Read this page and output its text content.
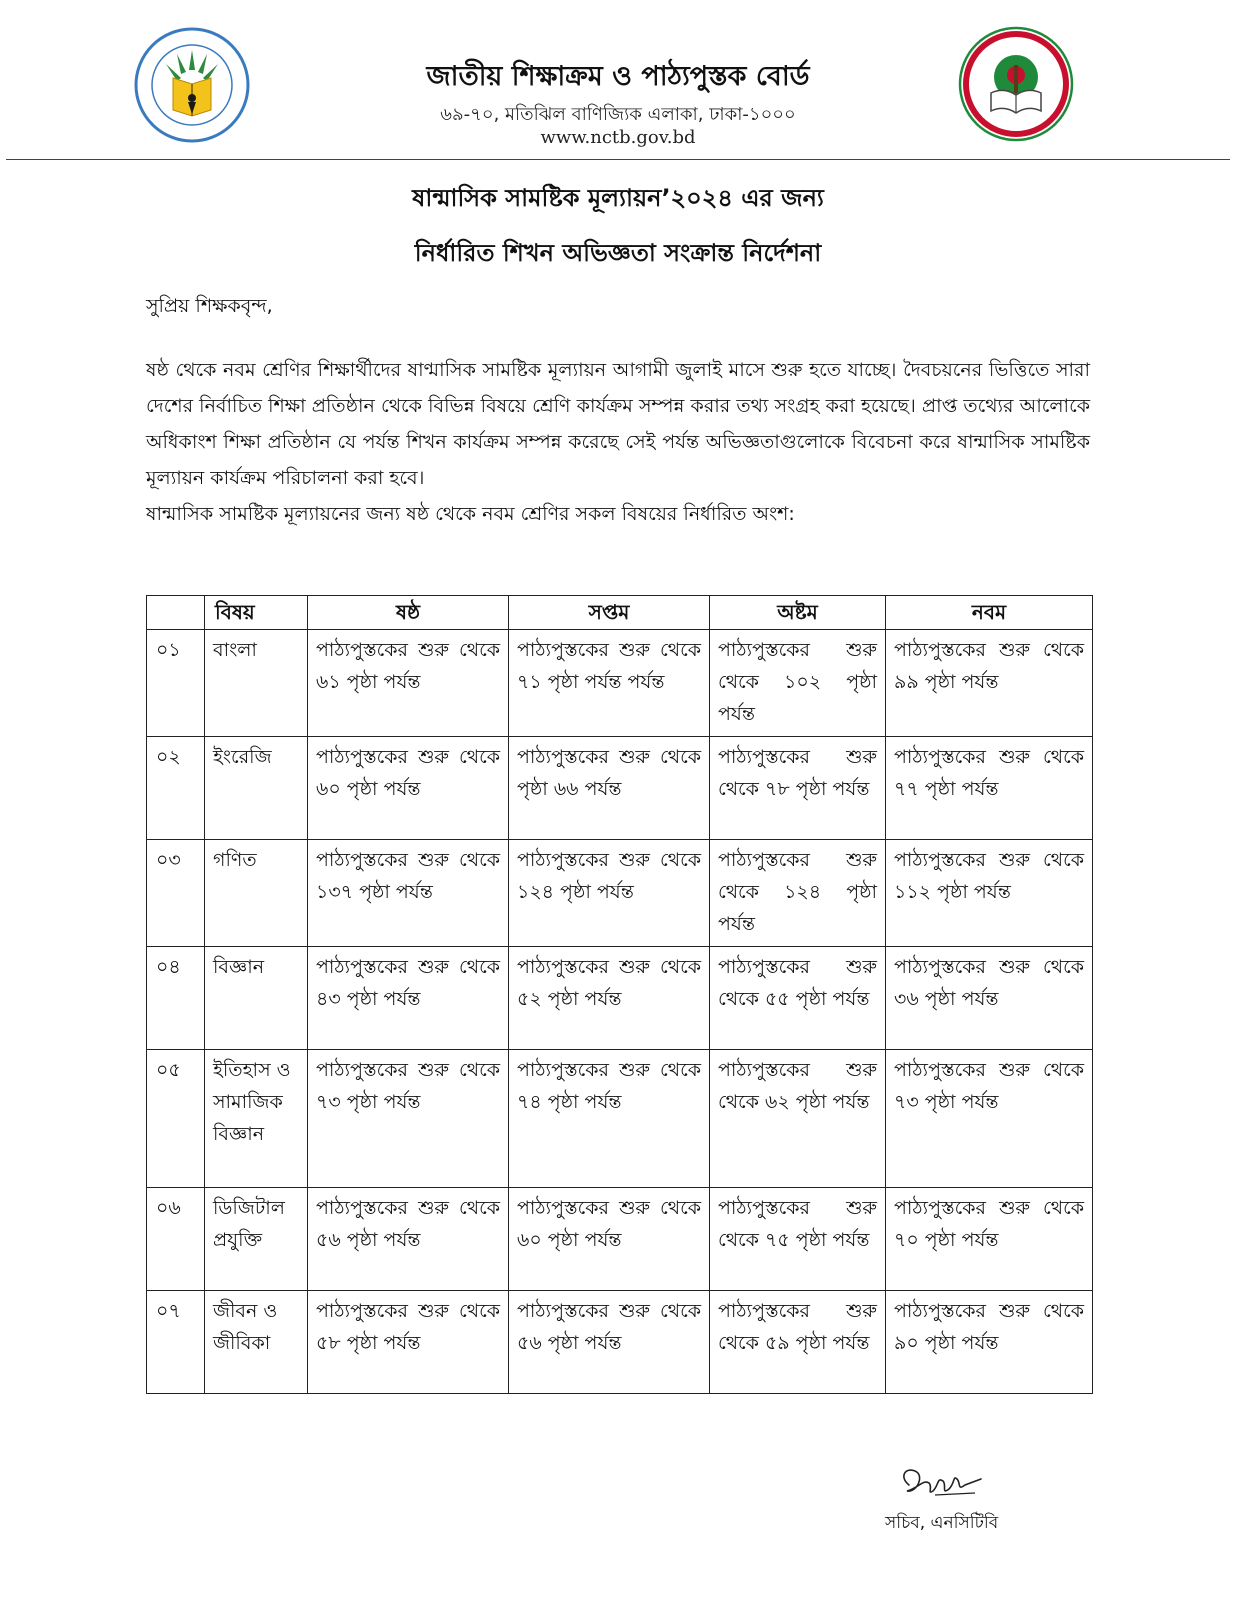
জাতীয় শিক্ষাক্রম ও পাঠ্যপুস্তক বোর্ড
৬৯-৭০, মতিঝিল বাণিজ্যিক এলাকা, ঢাকা-১০০০
www.nctb.gov.bd
ষান্মাসিক সামষ্টিক মূল্যায়ন’২০২৪ এর জন্য
নির্ধারিত শিখন অভিজ্ঞতা সংক্রান্ত নির্দেশনা
সুপ্রিয় শিক্ষকবৃন্দ,
ষষ্ঠ থেকে নবম শ্রেণির শিক্ষার্থীদের ষাণ্মাসিক সামষ্টিক মূল্যায়ন আগামী জুলাই মাসে শুরু হতে যাচ্ছে। দৈবচয়নের ভিত্তিতে সারা দেশের নির্বাচিত শিক্ষা প্রতিষ্ঠান থেকে বিভিন্ন বিষয়ে শ্রেণি কার্যক্রম সম্পন্ন করার তথ্য সংগ্রহ করা হয়েছে। প্রাপ্ত তথ্যের আলোকে অধিকাংশ শিক্ষা প্রতিষ্ঠান যে পর্যন্ত শিখন কার্যক্রম সম্পন্ন করেছে সেই পর্যন্ত অভিজ্ঞতাগুলোকে বিবেচনা করে ষান্মাসিক সামষ্টিক মূল্যায়ন কার্যক্রম পরিচালনা করা হবে।
ষান্মাসিক সামষ্টিক মূল্যায়নের জন্য ষষ্ঠ থেকে নবম শ্রেণির সকল বিষয়ের নির্ধারিত অংশ:
	বিষয়	ষষ্ঠ	সপ্তম	অষ্টম	নবম
০১	বাংলা	পাঠ্যপুস্তকের শুরু থেকে ৬১ পৃষ্ঠা পর্যন্ত	পাঠ্যপুস্তকের শুরু থেকে ৭১ পৃষ্ঠা পর্যন্ত পর্যন্ত	পাঠ্যপুস্তকের শুরু থেকে ১০২ পৃষ্ঠা পর্যন্ত	পাঠ্যপুস্তকের শুরু থেকে ৯৯ পৃষ্ঠা পর্যন্ত
০২	ইংরেজি	পাঠ্যপুস্তকের শুরু থেকে ৬০ পৃষ্ঠা পর্যন্ত	পাঠ্যপুস্তকের শুরু থেকে পৃষ্ঠা ৬৬ পর্যন্ত	পাঠ্যপুস্তকের শুরু থেকে ৭৮ পৃষ্ঠা পর্যন্ত	পাঠ্যপুস্তকের শুরু থেকে ৭৭ পৃষ্ঠা পর্যন্ত
০৩	গণিত	পাঠ্যপুস্তকের শুরু থেকে ১৩৭ পৃষ্ঠা পর্যন্ত	পাঠ্যপুস্তকের শুরু থেকে ১২৪ পৃষ্ঠা পর্যন্ত	পাঠ্যপুস্তকের শুরু থেকে ১২৪ পৃষ্ঠা পর্যন্ত	পাঠ্যপুস্তকের শুরু থেকে ১১২ পৃষ্ঠা পর্যন্ত
০৪	বিজ্ঞান	পাঠ্যপুস্তকের শুরু থেকে ৪৩ পৃষ্ঠা পর্যন্ত	পাঠ্যপুস্তকের শুরু থেকে ৫২ পৃষ্ঠা পর্যন্ত	পাঠ্যপুস্তকের শুরু থেকে ৫৫ পৃষ্ঠা পর্যন্ত	পাঠ্যপুস্তকের শুরু থেকে ৩৬ পৃষ্ঠা পর্যন্ত
০৫	ইতিহাস ও সামাজিক বিজ্ঞান	পাঠ্যপুস্তকের শুরু থেকে ৭৩ পৃষ্ঠা পর্যন্ত	পাঠ্যপুস্তকের শুরু থেকে ৭৪ পৃষ্ঠা পর্যন্ত	পাঠ্যপুস্তকের শুরু থেকে ৬২ পৃষ্ঠা পর্যন্ত	পাঠ্যপুস্তকের শুরু থেকে ৭৩ পৃষ্ঠা পর্যন্ত
০৬	ডিজিটাল প্রযুক্তি	পাঠ্যপুস্তকের শুরু থেকে ৫৬ পৃষ্ঠা পর্যন্ত	পাঠ্যপুস্তকের শুরু থেকে ৬০ পৃষ্ঠা পর্যন্ত	পাঠ্যপুস্তকের শুরু থেকে ৭৫ পৃষ্ঠা পর্যন্ত	পাঠ্যপুস্তকের শুরু থেকে ৭০ পৃষ্ঠা পর্যন্ত
০৭	জীবন ও জীবিকা	পাঠ্যপুস্তকের শুরু থেকে ৫৮ পৃষ্ঠা পর্যন্ত	পাঠ্যপুস্তকের শুরু থেকে ৫৬ পৃষ্ঠা পর্যন্ত	পাঠ্যপুস্তকের শুরু থেকে ৫৯ পৃষ্ঠা পর্যন্ত	পাঠ্যপুস্তকের শুরু থেকে ৯০ পৃষ্ঠা পর্যন্ত
সচিব, এনসিটিবি
